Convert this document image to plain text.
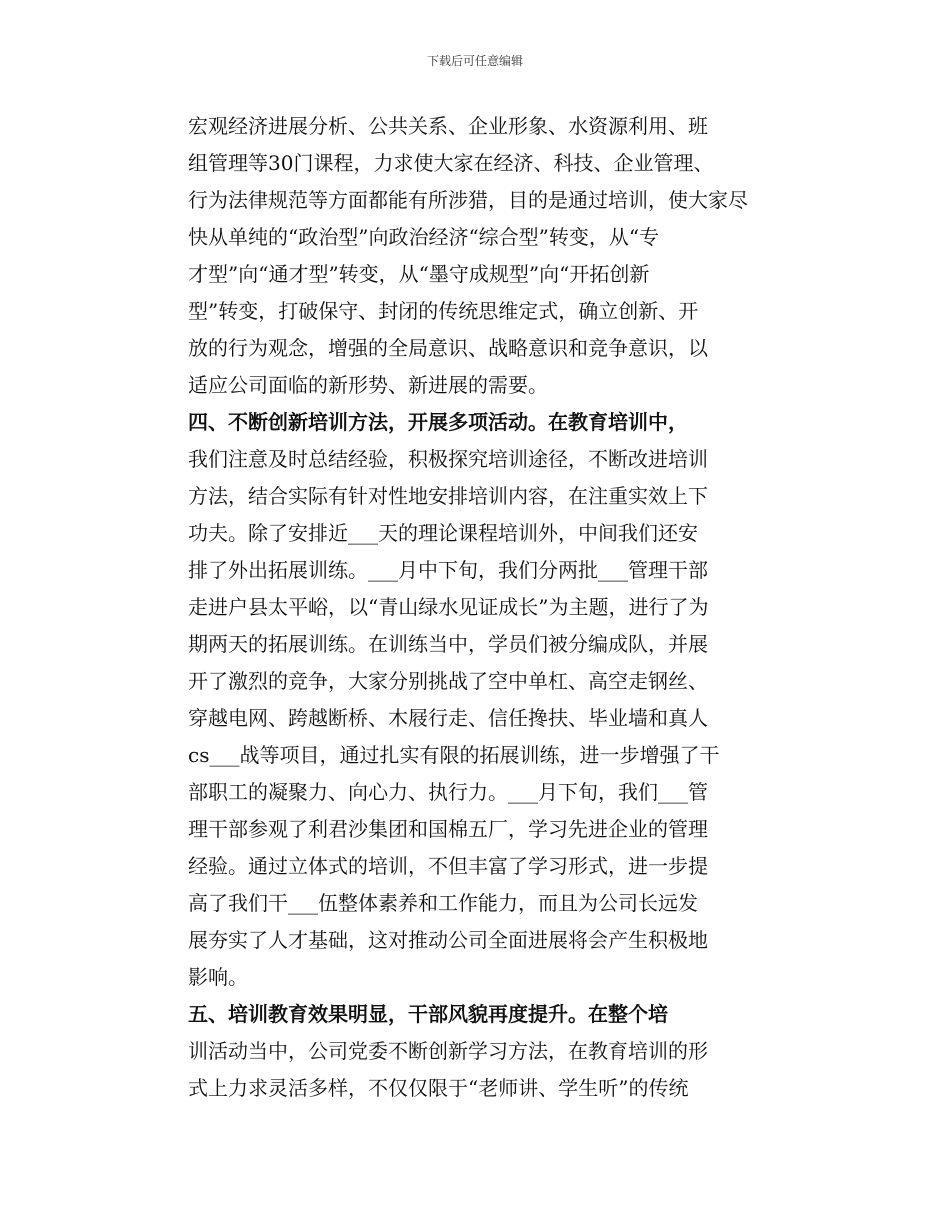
下载后可任意编辑
宏观经济进展分析、公共关系、企业形象、水资源利用、班
组管理等30门课程，力求使大家在经济、科技、企业管理、
行为法律规范等方面都能有所涉猎，目的是通过培训，使大家尽
快从单纯的“政治型”向政治经济“综合型”转变，从“专
才型”向“通才型”转变，从“墨守成规型”向“开拓创新
型”转变，打破保守、封闭的传统思维定式，确立创新、开
放的行为观念，增强的全局意识、战略意识和竞争意识，以
适应公司面临的新形势、新进展的需要。
四、不断创新培训方法，开展多项活动。在教育培训中，
我们注意及时总结经验，积极探究培训途径，不断改进培训
方法，结合实际有针对性地安排培训内容，在注重实效上下
功夫。除了安排近___天的理论课程培训外，中间我们还安
排了外出拓展训练。___月中下旬，我们分两批___管理干部
走进户县太平峪，以“青山绿水见证成长”为主题，进行了为
期两天的拓展训练。在训练当中，学员们被分编成队，并展
开了激烈的竞争，大家分别挑战了空中单杠、高空走钢丝、
穿越电网、跨越断桥、木屐行走、信任搀扶、毕业墙和真人
cs___战等项目，通过扎实有限的拓展训练，进一步增强了干
部职工的凝聚力、向心力、执行力。___月下旬，我们___管
理干部参观了利君沙集团和国棉五厂，学习先进企业的管理
经验。通过立体式的培训，不但丰富了学习形式，进一步提
高了我们干___伍整体素养和工作能力，而且为公司长远发
展夯实了人才基础，这对推动公司全面进展将会产生积极地
影响。
五、培训教育效果明显，干部风貌再度提升。在整个培
训活动当中，公司党委不断创新学习方法，在教育培训的形
式上力求灵活多样，不仅仅限于“老师讲、学生听”的传统
